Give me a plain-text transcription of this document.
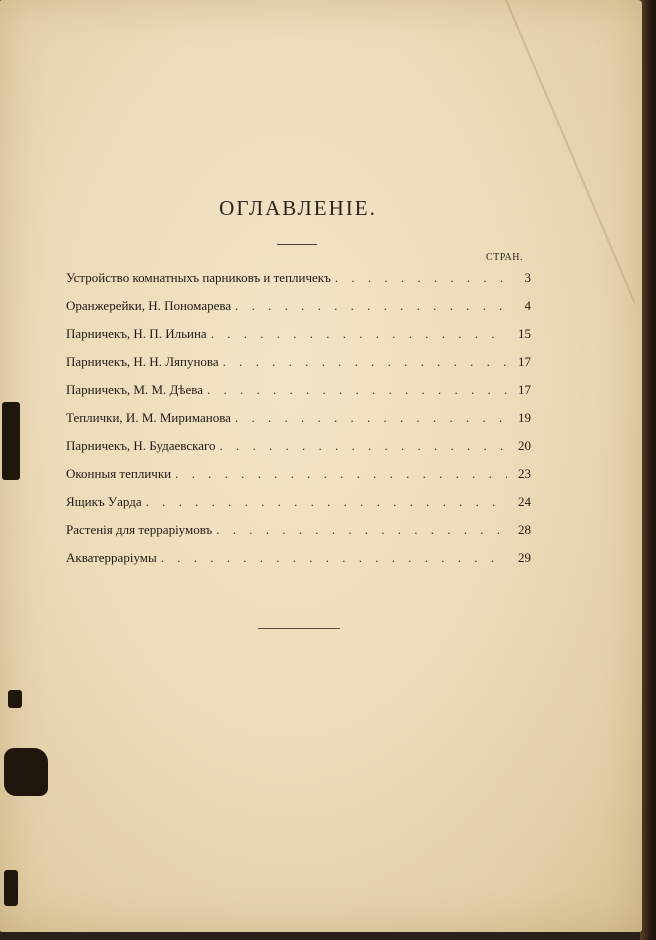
ОГЛАВЛЕНІЕ.
СТРАН.
Устройство комнатныхъ парниковъ и тепличекъ . . .	3
Оранжерейки, Н. Пономарева . . .	4
Парничекъ, Н. П. Ильина . . .	15
Парничекъ, Н. Н. Ляпунова . . .	17
Парничекъ, М. М. Дѣева . . .	17
Теплички, И. М. Мириманова . . .	19
Парничекъ, Н. Будаевскаго . . .	20
Оконныя теплички . . .	23
Ящикъ Уарда . . .	24
Растенія для террарiумовъ . . .	28
Акватеррарiумы . . .	29
